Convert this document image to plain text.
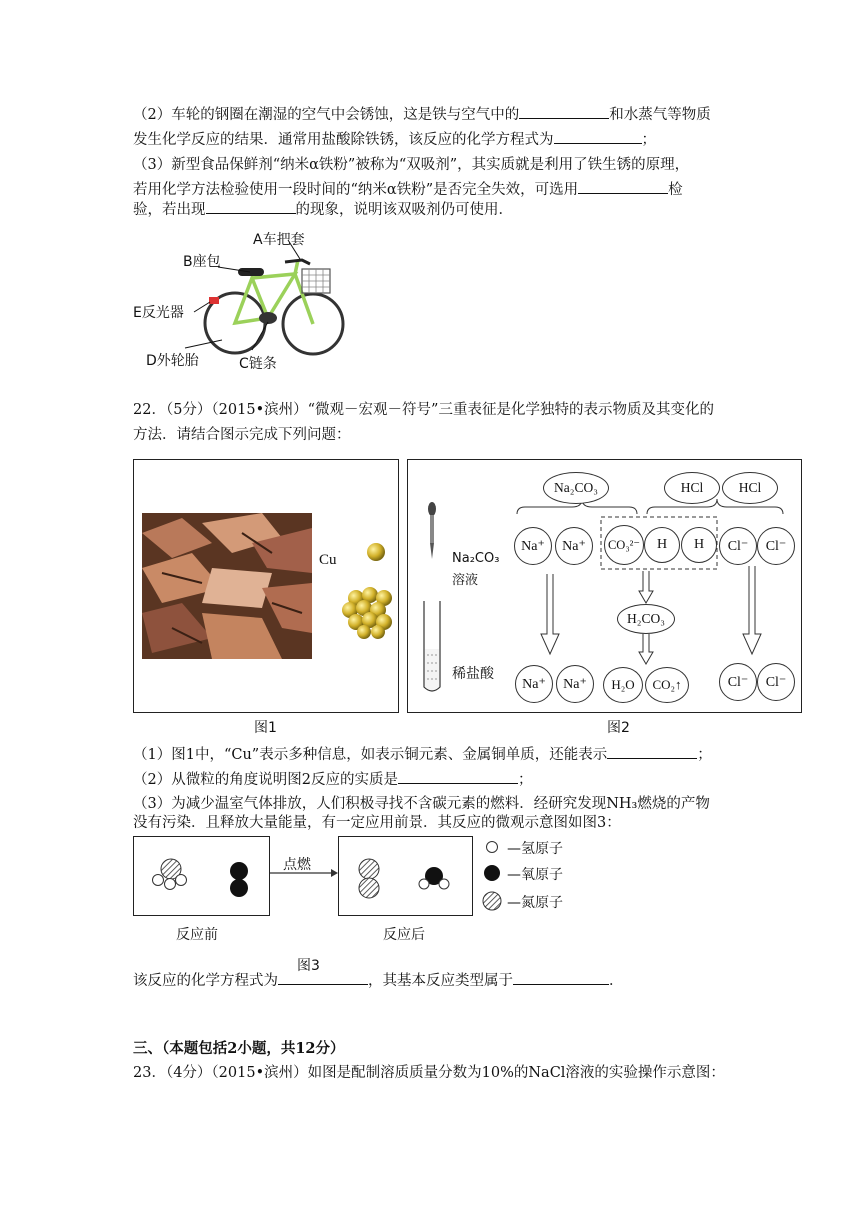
（2）车轮的钢圈在潮湿的空气中会锈蚀，这是铁与空气中的	和水蒸气等物质
发生化学反应的结果．通常用盐酸除铁锈，该反应的化学方程式为	；
（3）新型食品保鲜剂“纳米α铁粉”被称为“双吸剂”，其实质就是利用了铁生锈的原理，
若用化学方法检验使用一段时间的“纳米α铁粉”是否完全失效，可选用	检
验，若出现	的现象，说明该双吸剂仍可使用．
A车把套
B座包
E反光器
D外轮胎	C链条
22．（5分）（2015•滨州）“微观－宏观－符号”三重表征是化学独特的表示物质及其变化的
方法．请结合图示完成下列问题：
Cu
图1
Na₂CO₃	HCl	HCl
Na₂CO₃
溶液
稀盐酸
Na⁺	Na⁺	CO₃²⁻	H	H	Cl⁻	Cl⁻
H₂CO₃
Na⁺	Na⁺	H₂O	CO₂↑	Cl⁻	Cl⁻
图2
（1）图1中，“Cu”表示多种信息，如表示铜元素、金属铜单质，还能表示	；
（2）从微粒的角度说明图2反应的实质是	；
（3）为减少温室气体排放，人们积极寻找不含碳元素的燃料．经研究发现NH₃燃烧的产物
没有污染．且释放大量能量，有一定应用前景．其反应的微观示意图如图3：
点燃
反应前	反应后
图3
—氢原子
—氧原子
—氮原子
该反应的化学方程式为	，其基本反应类型属于	．
三、（本题包括2小题，共12分）
23．（4分）（2015•滨州）如图是配制溶质质量分数为10%的NaCl溶液的实验操作示意图：
